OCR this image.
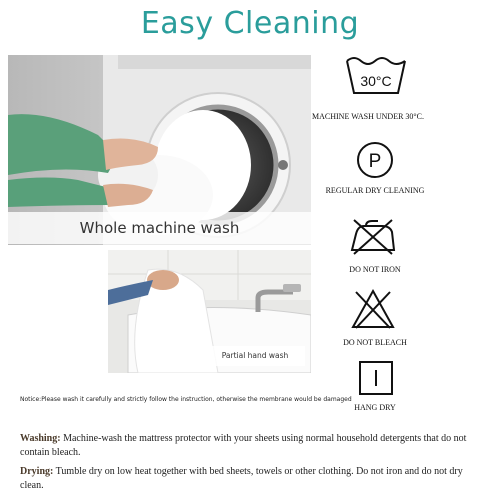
Easy Cleaning
Whole machine wash
Partial hand wash
30°C
MACHINE WASH UNDER 30°C.
P
REGULAR DRY CLEANING
DO NOT IRON
DO NOT BLEACH
HANG DRY
Notice:Please wash it carefully and strictly follow the instruction, otherwise the membrane would be damaged
Washing: Machine-wash the mattress protector with your sheets using normal household detergents that do not contain bleach.
Drying: Tumble dry on low heat together with bed sheets, towels or other clothing. Do not iron and do not dry clean.
